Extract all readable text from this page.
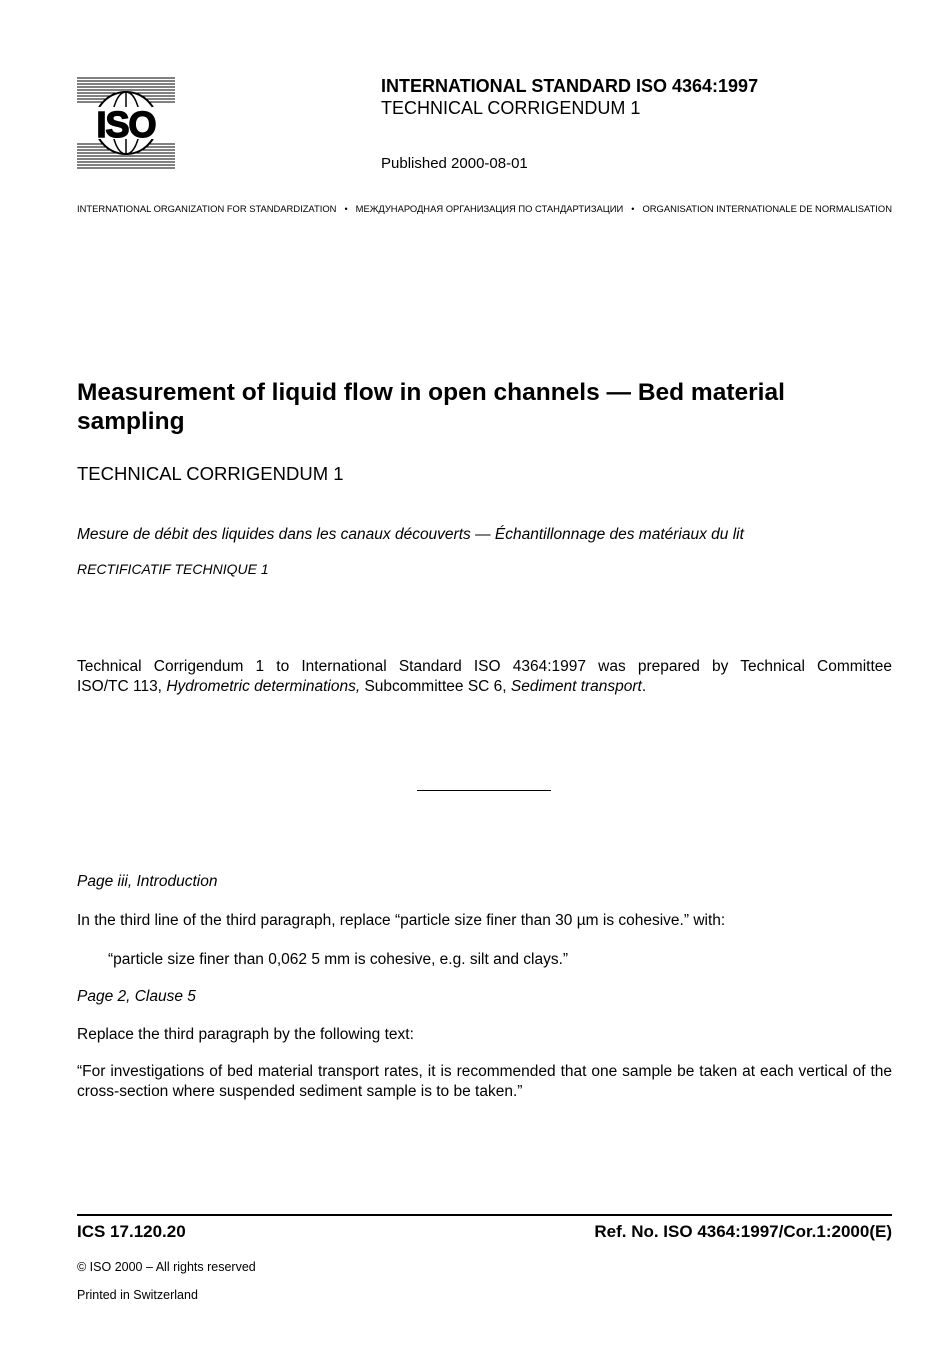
ISO
INTERNATIONAL STANDARD ISO 4364:1997
TECHNICAL CORRIGENDUM 1
Published 2000-08-01
INTERNATIONAL ORGANIZATION FOR STANDARDIZATION • МЕЖДУНАРОДНАЯ ОРГАНИЗАЦИЯ ПО СТАНДАРТИЗАЦИИ • ORGANISATION INTERNATIONALE DE NORMALISATION
Measurement of liquid flow in open channels — Bed material sampling
TECHNICAL CORRIGENDUM 1
Mesure de débit des liquides dans les canaux découverts — Échantillonnage des matériaux du lit
RECTIFICATIF TECHNIQUE 1
Technical Corrigendum 1 to International Standard ISO 4364:1997 was prepared by Technical Committee
ISO/TC 113, Hydrometric determinations, Subcommittee SC 6, Sediment transport.
Page iii, Introduction
In the third line of the third paragraph, replace “particle size finer than 30 µm is cohesive.” with:
“particle size finer than 0,062 5 mm is cohesive, e.g. silt and clays.”
Page 2, Clause 5
Replace the third paragraph by the following text:
“For investigations of bed material transport rates, it is recommended that one sample be taken at each vertical of the cross-section where suspended sediment sample is to be taken.”
ICS 17.120.20	Ref. No. ISO 4364:1997/Cor.1:2000(E)
© ISO 2000 – All rights reserved
Printed in Switzerland
